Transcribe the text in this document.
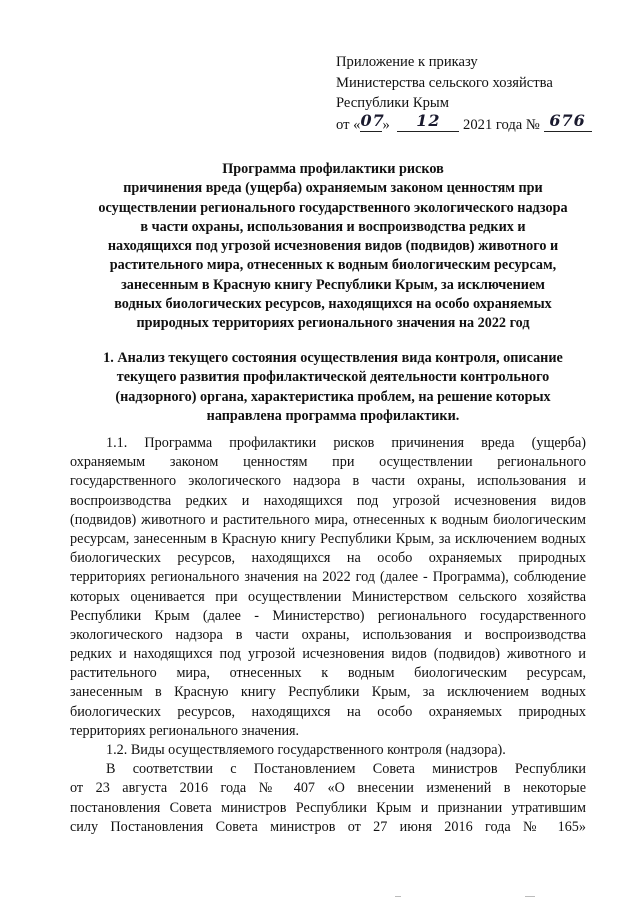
Приложение к приказу
Министерства сельского хозяйства
Республики Крым
от «07» 12 2021 года № 676
Программа профилактики рисков
причинения вреда (ущерба) охраняемым законом ценностям при
осуществлении регионального государственного экологического надзора
в части охраны, использования и воспроизводства редких и
находящихся под угрозой исчезновения видов (подвидов) животного и
растительного мира, отнесенных к водным биологическим ресурсам,
занесенным в Красную книгу Республики Крым, за исключением
водных биологических ресурсов, находящихся на особо охраняемых
природных территориях регионального значения на 2022 год
1. Анализ текущего состояния осуществления вида контроля, описание
текущего развития профилактической деятельности контрольного
(надзорного) органа, характеристика проблем, на решение которых
направлена программа профилактики.
1.1. Программа профилактики рисков причинения вреда (ущерба)
охраняемым законом ценностям при осуществлении регионального
государственного экологического надзора в части охраны, использования и
воспроизводства редких и находящихся под угрозой исчезновения видов
(подвидов) животного и растительного мира, отнесенных к водным биологическим
ресурсам, занесенным в Красную книгу Республики Крым, за исключением водных
биологических ресурсов, находящихся на особо охраняемых природных
территориях регионального значения на 2022 год (далее - Программа), соблюдение
которых оценивается при осуществлении Министерством сельского хозяйства
Республики Крым (далее - Министерство) регионального государственного
экологического надзора в части охраны, использования и воспроизводства
редких и находящихся под угрозой исчезновения видов (подвидов) животного и
растительного мира, отнесенных к водным биологическим ресурсам,
занесенным в Красную книгу Республики Крым, за исключением водных
биологических ресурсов, находящихся на особо охраняемых природных
территориях регионального значения.
1.2. Виды осуществляемого государственного контроля (надзора).
В соответствии с Постановлением Совета министров Республики
от 23 августа 2016 года № 407 «О внесении изменений в некоторые
постановления Совета министров Республики Крым и признании утратившим
силу Постановления Совета министров от 27 июня 2016 года № 165»
